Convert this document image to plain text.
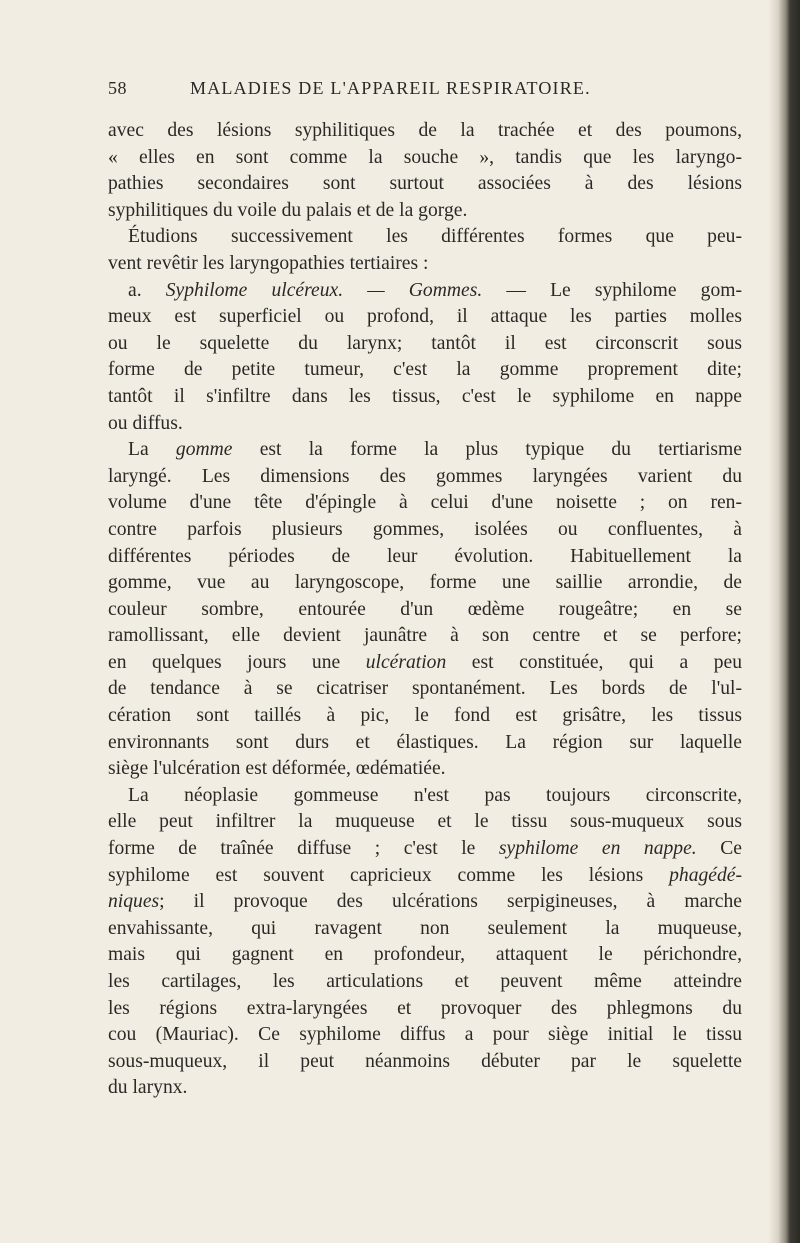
58	MALADIES DE L'APPAREIL RESPIRATOIRE.
avec des lésions syphilitiques de la trachée et des poumons,
« elles en sont comme la souche », tandis que les laryngo-
pathies secondaires sont surtout associées à des lésions
syphilitiques du voile du palais et de la gorge.
Étudions successivement les différentes formes que peu-
vent revêtir les laryngopathies tertiaires :
a. Syphilome ulcéreux. — Gommes. — Le syphilome gom-
meux est superficiel ou profond, il attaque les parties molles
ou le squelette du larynx; tantôt il est circonscrit sous
forme de petite tumeur, c'est la gomme proprement dite;
tantôt il s'infiltre dans les tissus, c'est le syphilome en nappe
ou diffus.
La gomme est la forme la plus typique du tertiarisme
laryngé. Les dimensions des gommes laryngées varient du
volume d'une tête d'épingle à celui d'une noisette ; on ren-
contre parfois plusieurs gommes, isolées ou confluentes, à
différentes périodes de leur évolution. Habituellement la
gomme, vue au laryngoscope, forme une saillie arrondie, de
couleur sombre, entourée d'un œdème rougeâtre; en se
ramollissant, elle devient jaunâtre à son centre et se perfore;
en quelques jours une ulcération est constituée, qui a peu
de tendance à se cicatriser spontanément. Les bords de l'ul-
cération sont taillés à pic, le fond est grisâtre, les tissus
environnants sont durs et élastiques. La région sur laquelle
siège l'ulcération est déformée, œdématiée.
La néoplasie gommeuse n'est pas toujours circonscrite,
elle peut infiltrer la muqueuse et le tissu sous-muqueux sous
forme de traînée diffuse ; c'est le syphilome en nappe. Ce
syphilome est souvent capricieux comme les lésions phagédé-
niques; il provoque des ulcérations serpigineuses, à marche
envahissante, qui ravagent non seulement la muqueuse,
mais qui gagnent en profondeur, attaquent le périchondre,
les cartilages, les articulations et peuvent même atteindre
les régions extra-laryngées et provoquer des phlegmons du
cou (Mauriac). Ce syphilome diffus a pour siège initial le tissu
sous-muqueux, il peut néanmoins débuter par le squelette
du larynx.
